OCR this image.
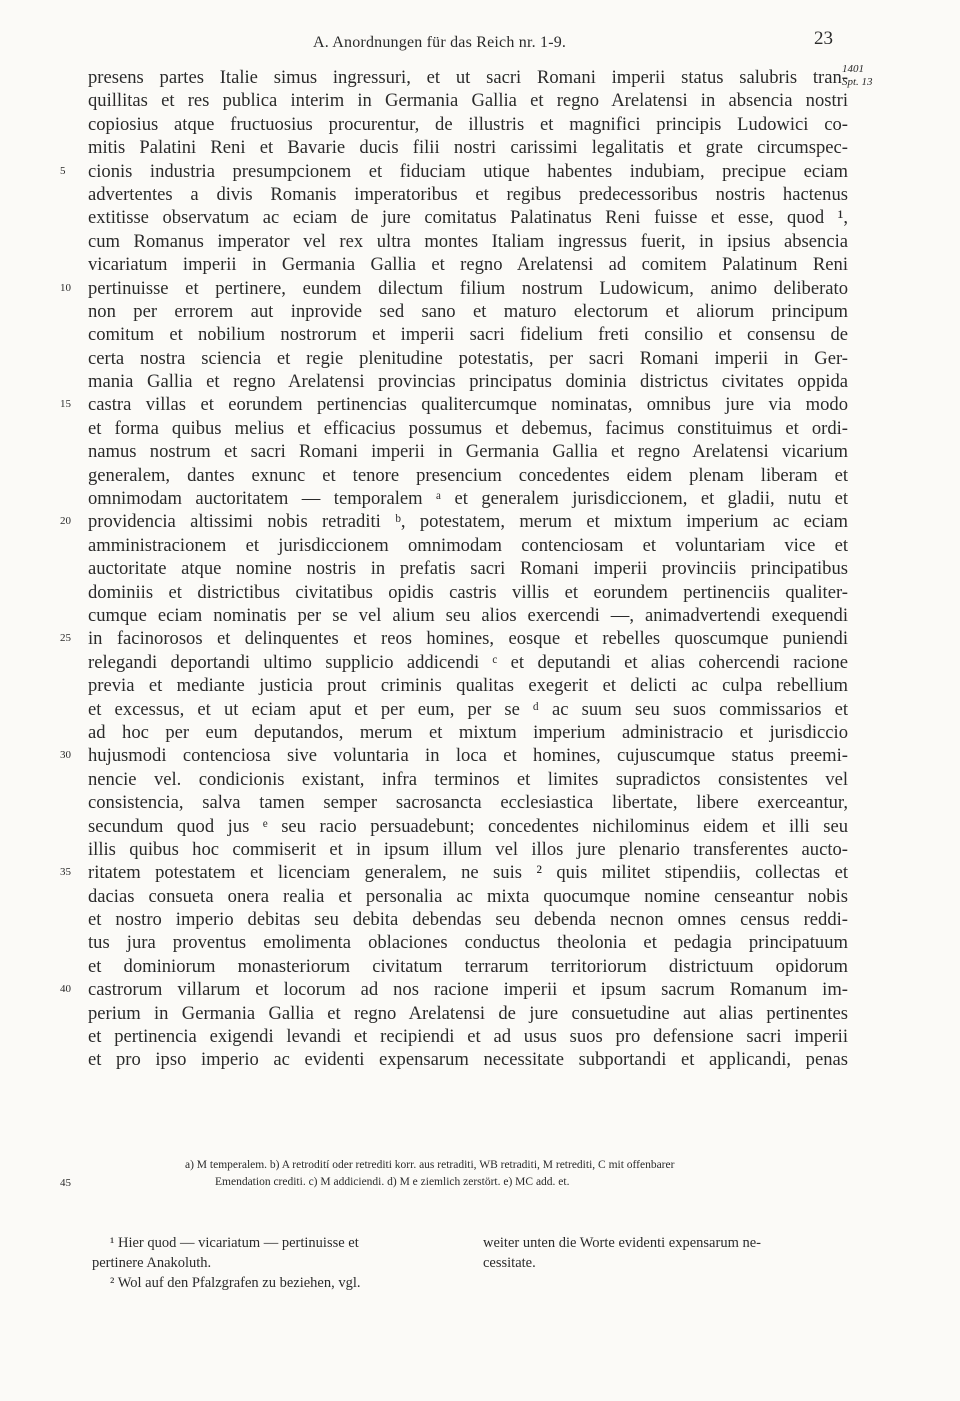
A. Anordnungen für das Reich nr. 1-9.	23
1401
Spt. 13
presens partes Italie simus ingressuri, et ut sacri Romani imperii status salubris tran-
quillitas et res publica interim in Germania Gallia et regno Arelatensi in absencia nostri
copiosius atque fructuosius procurentur, de illustris et magnifici principis Ludowici co-
mitis Palatini Reni et Bavarie ducis filii nostri carissimi legalitatis et grate circumspec-
5	cionis industria presumpcionem et fiduciam utique habentes indubiam, precipue eciam
advertentes a divis Romanis imperatoribus et regibus predecessoribus nostris hactenus
extitisse observatum ac eciam de jure comitatus Palatinatus Reni fuisse et esse, quod ¹,
cum Romanus imperator vel rex ultra montes Italiam ingressus fuerit, in ipsius absencia
vicariatum imperii in Germania Gallia et regno Arelatensi ad comitem Palatinum Reni
10 pertinuisse et pertinere, eundem dilectum filium nostrum Ludowicum, animo deliberato
non per errorem aut inprovide sed sano et maturo electorum et aliorum principum
comitum et nobilium nostrorum et imperii sacri fidelium freti consilio et consensu de
certa nostra sciencia et regie plenitudine potestatis, per sacri Romani imperii in Ger-
mania Gallia et regno Arelatensi provincias principatus dominia districtus civitates oppida
15 castra villas et eorundem pertinencias qualitercumque nominatas, omnibus jure via modo
et forma quibus melius et efficacius possumus et debemus, facimus constituimus et ordi-
namus nostrum et sacri Romani imperii in Germania Gallia et regno Arelatensi vicarium
generalem, dantes exnunc et tenore presencium concedentes eidem plenam liberam et
omnimodam auctoritatem — temporalem ᵃ et generalem jurisdiccionem, et gladii, nutu et
20 providencia altissimi nobis retraditi ᵇ, potestatem, merum et mixtum imperium ac eciam
amministracionem et jurisdiccionem omnimodam contenciosam et voluntariam vice et
auctoritate atque nomine nostris in prefatis sacri Romani imperii provinciis principatibus
dominiis et districtibus civitatibus opidis castris villis et eorundem pertinenciis qualiter-
cumque eciam nominatis per se vel alium seu alios exercendi —, animadvertendi exequendi
25 in facinorosos et delinquentes et reos homines, eosque et rebelles quoscumque puniendi
relegandi deportandi ultimo supplicio addicendi ᶜ et deputandi et alias cohercendi racione
previa et mediante justicia prout criminis qualitas exegerit et delicti ac culpa rebellium
et excessus, et ut eciam aput et per eum, per se ᵈ ac suum seu suos commissarios et
ad hoc per eum deputandos, merum et mixtum imperium administracio et jurisdiccio
30 hujusmodi contenciosa sive voluntaria in loca et homines, cujuscumque status preemi-
nencie vel. condicionis existant, infra terminos et limites supradictos consistentes vel
consistencia, salva tamen semper sacrosancta ecclesiastica libertate, libere exerceantur,
secundum quod jus ᵉ seu racio persuadebunt; concedentes nichilominus eidem et illi seu
illis quibus hoc commiserit et in ipsum illum vel illos jure plenario transferentes aucto-
35 ritatem potestatem et licenciam generalem, ne suis ² quis militet stipendiis, collectas et
dacias consueta onera realia et personalia ac mixta quocumque nomine censeantur nobis
et nostro imperio debitas seu debita debendas seu debenda necnon omnes census reddi-
tus jura proventus emolimenta oblaciones conductus theolonia et pedagia principatuum
et dominiorum monasteriorum civitatum terrarum territoriorum districtuum opidorum
40 castrorum villarum et locorum ad nos racione imperii et ipsum sacrum Romanum im-
perium in Germania Gallia et regno Arelatensi de jure consuetudine aut alias pertinentes
et pertinencia exigendi levandi et recipiendi et ad usus suos pro defensione sacri imperii
et pro ipso imperio ac evidenti expensarum necessitate subportandi et applicandi, penas
45
a) M temperalem. b) A retrodití oder retrediti korr. aus retraditi, WB retraditi, M retrediti, C mit offenbarer
Emendation crediti. c) M addiciendi. d) M e ziemlich zerstört. e) MC add. et.
¹ Hier quod — vicariatum — pertinuisse et
pertinere Anakoluth.
² Wol auf den Pfalzgrafen zu beziehen, vgl.
weiter unten die Worte evidenti expensarum ne-
cessitate.
